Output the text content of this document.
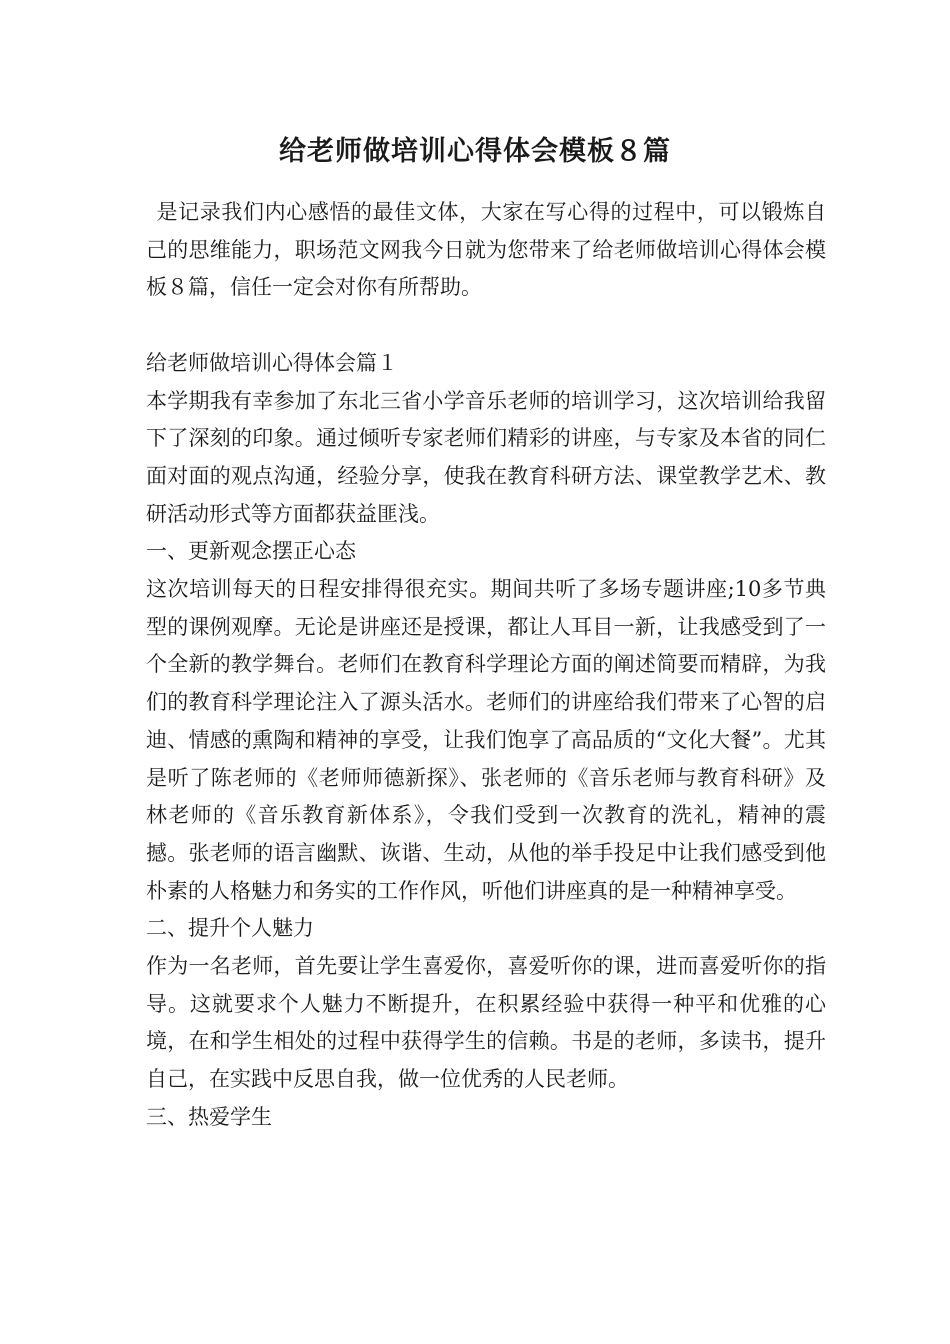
给老师做培训心得体会模板８篇

是记录我们内心感悟的最佳文体，大家在写心得的过程中，可以锻炼自己的思维能力，职场范文网我今日就为您带来了给老师做培训心得体会模板８篇，信任一定会对你有所帮助。

给老师做培训心得体会篇１

本学期我有幸参加了东北三省小学音乐老师的培训学习，这次培训给我留下了深刻的印象。通过倾听专家老师们精彩的讲座，与专家及本省的同仁面对面的观点沟通，经验分享，使我在教育科研方法、课堂教学艺术、教研活动形式等方面都获益匪浅。

一、更新观念摆正心态

这次培训每天的日程安排得很充实。期间共听了多场专题讲座;10多节典型的课例观摩。无论是讲座还是授课，都让人耳目一新，让我感受到了一个全新的教学舞台。老师们在教育科学理论方面的阐述简要而精辟，为我们的教育科学理论注入了源头活水。老师们的讲座给我们带来了心智的启迪、情感的熏陶和精神的享受，让我们饱享了高品质的“文化大餐”。尤其是听了陈老师的《老师师德新探》、张老师的《音乐老师与教育科研》及林老师的《音乐教育新体系》，令我们受到一次教育的洗礼，精神的震撼。张老师的语言幽默、诙谐、生动，从他的举手投足中让我们感受到他朴素的人格魅力和务实的工作作风，听他们讲座真的是一种精神享受。

二、提升个人魅力

作为一名老师，首先要让学生喜爱你，喜爱听你的课，进而喜爱听你的指导。这就要求个人魅力不断提升，在积累经验中获得一种平和优雅的心境，在和学生相处的过程中获得学生的信赖。书是的老师，多读书，提升自己，在实践中反思自我，做一位优秀的人民老师。

三、热爱学生
